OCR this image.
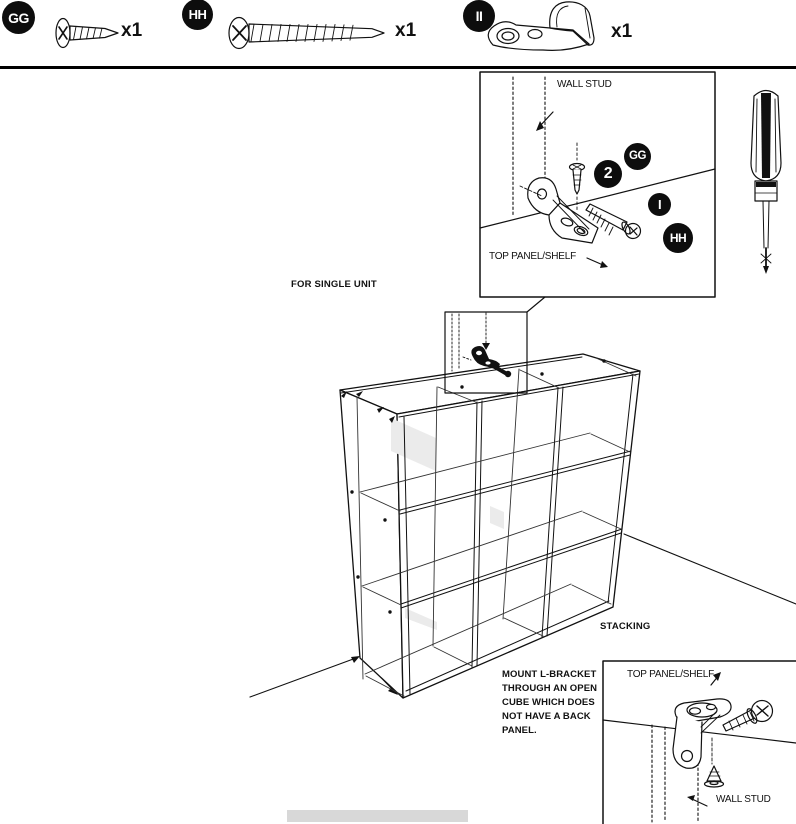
GG
x1
HH
x1
II
x1
WALL STUD
TOP PANEL/SHELF
2
GG
I
HH
FOR SINGLE UNIT
STACKING
MOUNT L-BRACKET
THROUGH AN OPEN
CUBE WHICH DOES
NOT HAVE A BACK
PANEL.
TOP PANEL/SHELF
WALL STUD
